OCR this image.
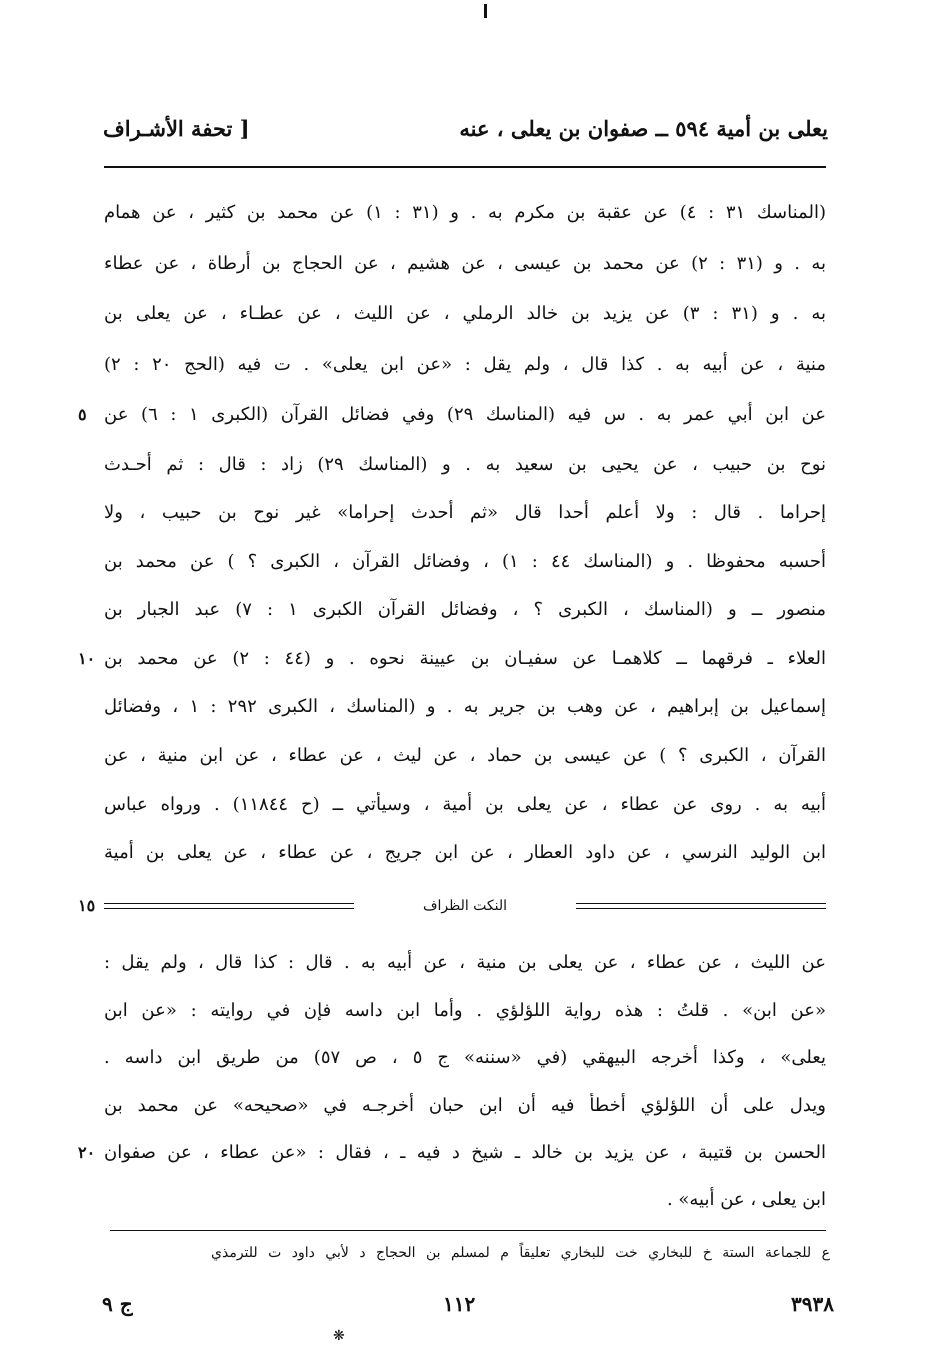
يعلى بن أمية ٥٩٤ ــ صفوان بن يعلى ، عنه
[ تحفة الأشـراف
(المناسك ٣١ : ٤) عن عقبة بن مكرم به . و (٣١ : ١) عن محمد بن كثير ، عن همام
به . و (٣١ : ٢) عن محمد بن عيسى ، عن هشيم ، عن الحجاج بن أرطاة ، عن عطاء
به . و (٣١ : ٣) عن يزيد بن خالد الرملي ، عن الليث ، عن عطـاء ، عن يعلى بن
منية ، عن أبيه به . كذا قال ، ولم يقل : «عن ابن يعلى» . ت فيه (الحج ٢٠ : ٢)
عن ابن أبي عمر به . س فيه (المناسك ٢٩) وفي فضائل القرآن (الكبرى ١ : ٦) عن
نوح بن حبيب ، عن يحيى بن سعيد به . و (المناسك ٢٩) زاد : قال : ثم أحـدث
إحراما . قال : ولا أعلم أحدا قال «ثم أحدث إحراما» غير نوح بن حبيب ، ولا
أحسبه محفوظا . و (المناسك ٤٤ : ١) ، وفضائل القرآن ، الكبرى ؟ ) عن محمد بن
منصور ــ و (المناسك ، الكبرى ؟ ، وفضائل القرآن الكبرى ١ : ٧) عبد الجبار بن
العلاء ـ فرقهما ــ كلاهمـا عن سفيـان بن عيينة نحوه . و (٤٤ : ٢) عن محمد بن
إسماعيل بن إبراهيم ، عن وهب بن جرير به . و (المناسك ، الكبرى ٢٩٢ : ١ ، وفضائل
القرآن ، الكبرى ؟ ) عن عيسى بن حماد ، عن ليث ، عن عطاء ، عن ابن منية ، عن
أبيه به . روى عن عطاء ، عن يعلى بن أمية ، وسيأتي ــ (ح ١١٨٤٤) . ورواه عباس
ابن الوليد النرسي ، عن داود العطار ، عن ابن جريج ، عن عطاء ، عن يعلى بن أمية
٥
١٠
١٥
٢٠
النكت الظراف
عن الليث ، عن عطاء ، عن يعلى بن منية ، عن أبيه به . قال : كذا قال ، ولم يقل :
«عن ابن» . قلتُ : هذه رواية اللؤلؤي . وأما ابن داسه فإن في روايته : «عن ابن
يعلى» ، وكذا أخرجه البيهقي (في «سننه» ج ٥ ، ص ٥٧) من طريق ابن داسه .
ويدل على أن اللؤلؤي أخطأ فيه أن ابن حبان أخرجـه في «صحيحه» عن محمد بن
الحسن بن قتيبة ، عن يزيد بن خالد ـ شيخ د فيه ـ ، فقال : «عن عطاء ، عن صفوان
ابن يعلى ، عن أبيه» .
ع للجماعة الستة خ للبخاري خت للبخاري تعليقاً م لمسلم بن الحجاج د لأبي داود ت للترمذي
٣٩٣٨
١١٢
ج ٩
❋
